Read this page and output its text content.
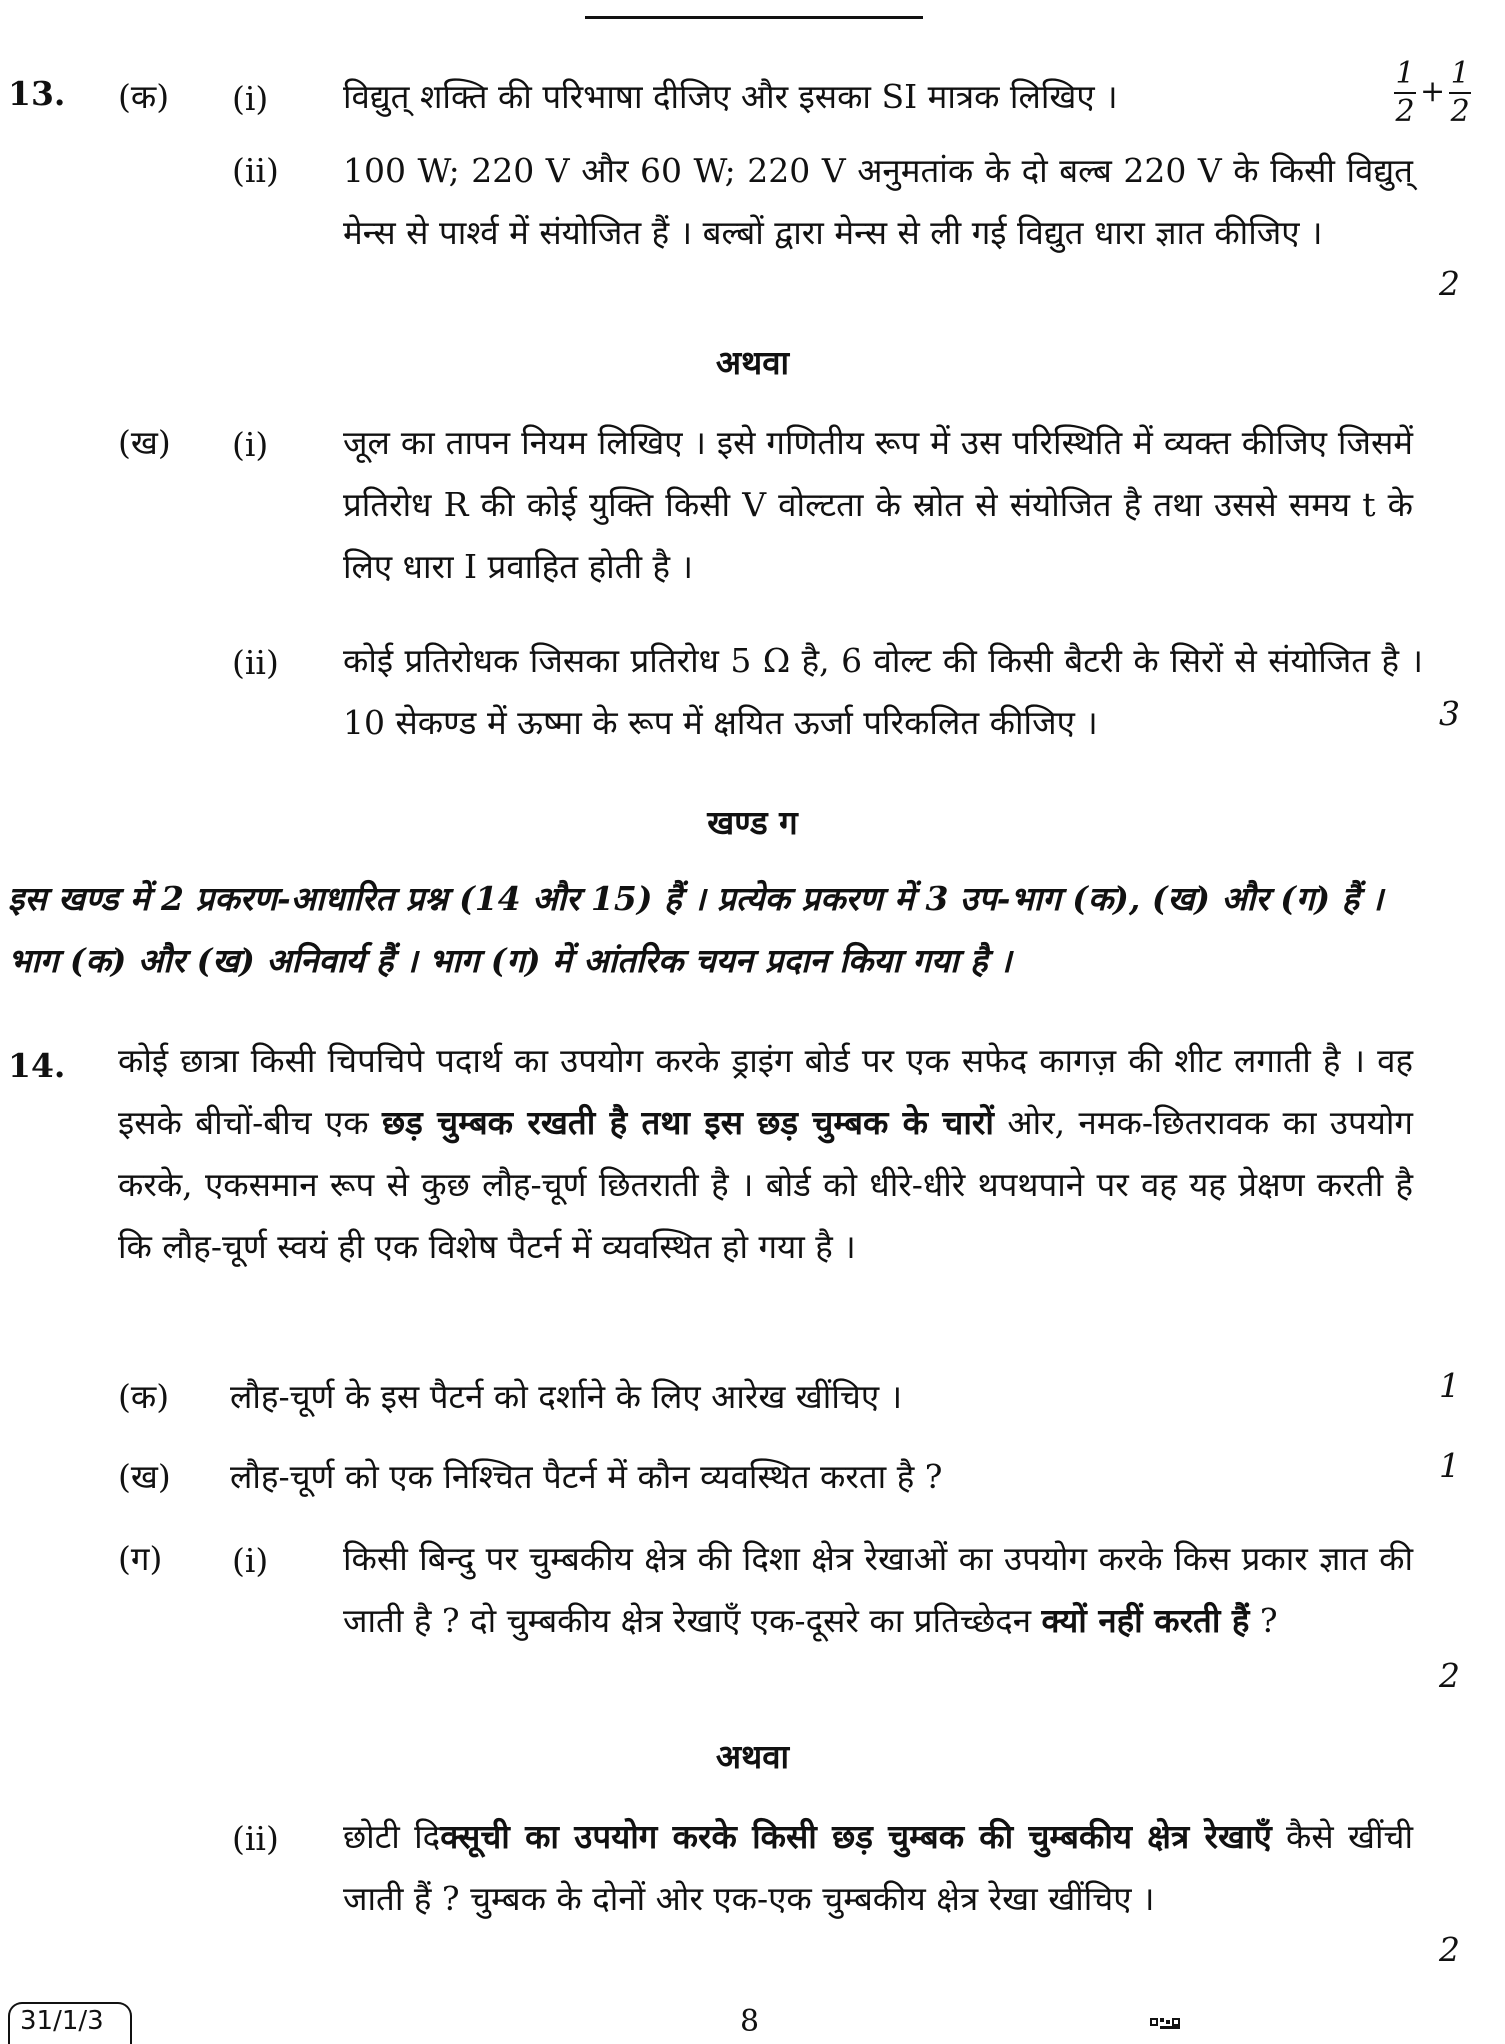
13. (क) (i) विद्युत् शक्ति की परिभाषा दीजिए और इसका SI मात्रक लिखिए ।	$\frac{1}{2} + \frac{1}{2}$
(ii) 100 W; 220 V और 60 W; 220 V अनुमतांक के दो बल्ब 220 V के किसी विद्युत् मेन्स से पार्श्व में संयोजित हैं । बल्बों द्वारा मेन्स से ली गई विद्युत धारा ज्ञात कीजिए ।
2
अथवा
(ख) (i) जूल का तापन नियम लिखिए । इसे गणितीय रूप में उस परिस्थिति में व्यक्त कीजिए जिसमें प्रतिरोध R की कोई युक्ति किसी V वोल्टता के स्रोत से संयोजित है तथा उससे समय t के लिए धारा I प्रवाहित होती है ।
(ii) कोई प्रतिरोधक जिसका प्रतिरोध 5 Ω है, 6 वोल्ट की किसी बैटरी के सिरों से संयोजित है । 10 सेकण्ड में ऊष्मा के रूप में क्षयित ऊर्जा परिकलित कीजिए ।	3
खण्ड ग
इस खण्ड में 2 प्रकरण-आधारित प्रश्न (14 और 15) हैं । प्रत्येक प्रकरण में 3 उप-भाग (क), (ख) और (ग) हैं । भाग (क) और (ख) अनिवार्य हैं । भाग (ग) में आंतरिक चयन प्रदान किया गया है ।
14. कोई छात्रा किसी चिपचिपे पदार्थ का उपयोग करके ड्राइंग बोर्ड पर एक सफेद कागज़ की शीट लगाती है । वह इसके बीचों-बीच एक छड़ चुम्बक रखती है तथा इस छड़ चुम्बक के चारों ओर, नमक-छितरावक का उपयोग करके, एकसमान रूप से कुछ लौह-चूर्ण छितराती है । बोर्ड को धीरे-धीरे थपथपाने पर वह यह प्रेक्षण करती है कि लौह-चूर्ण स्वयं ही एक विशेष पैटर्न में व्यवस्थित हो गया है ।
(क) लौह-चूर्ण के इस पैटर्न को दर्शाने के लिए आरेख खींचिए ।	1
(ख) लौह-चूर्ण को एक निश्चित पैटर्न में कौन व्यवस्थित करता है ?	1
(ग) (i) किसी बिन्दु पर चुम्बकीय क्षेत्र की दिशा क्षेत्र रेखाओं का उपयोग करके किस प्रकार ज्ञात की जाती है ? दो चुम्बकीय क्षेत्र रेखाएँ एक-दूसरे का प्रतिच्छेदन क्यों नहीं करती हैं ?
2
अथवा
(ii) छोटी दिक्सूची का उपयोग करके किसी छड़ चुम्बक की चुम्बकीय क्षेत्र रेखाएँ कैसे खींची जाती हैं ? चुम्बक के दोनों ओर एक-एक चुम्बकीय क्षेत्र रेखा खींचिए ।
2
31/1/3	8
